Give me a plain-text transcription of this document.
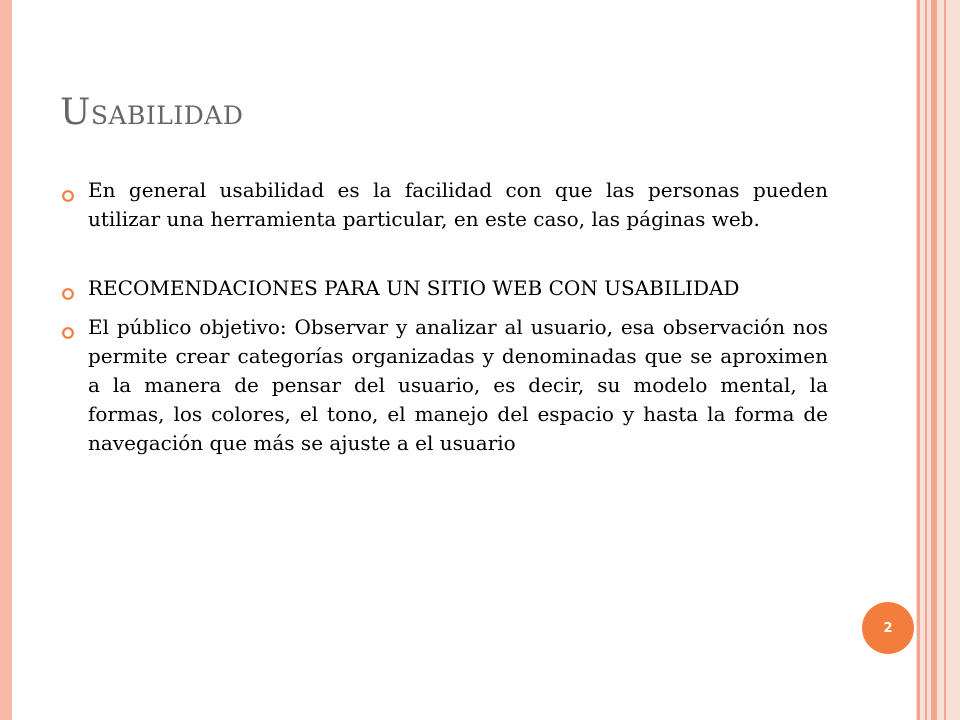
Usabilidad
En general usabilidad es la facilidad con que las personas pueden utilizar una herramienta particular, en este caso, las páginas web.
RECOMENDACIONES PARA UN SITIO WEB CON USABILIDAD
El público objetivo: Observar y analizar al usuario, esa observación nos permite crear categorías organizadas y denominadas que se aproximen a la manera de pensar del usuario, es decir, su modelo mental, la formas, los colores, el tono, el manejo del espacio y hasta la forma de navegación que más se ajuste a el usuario
2
